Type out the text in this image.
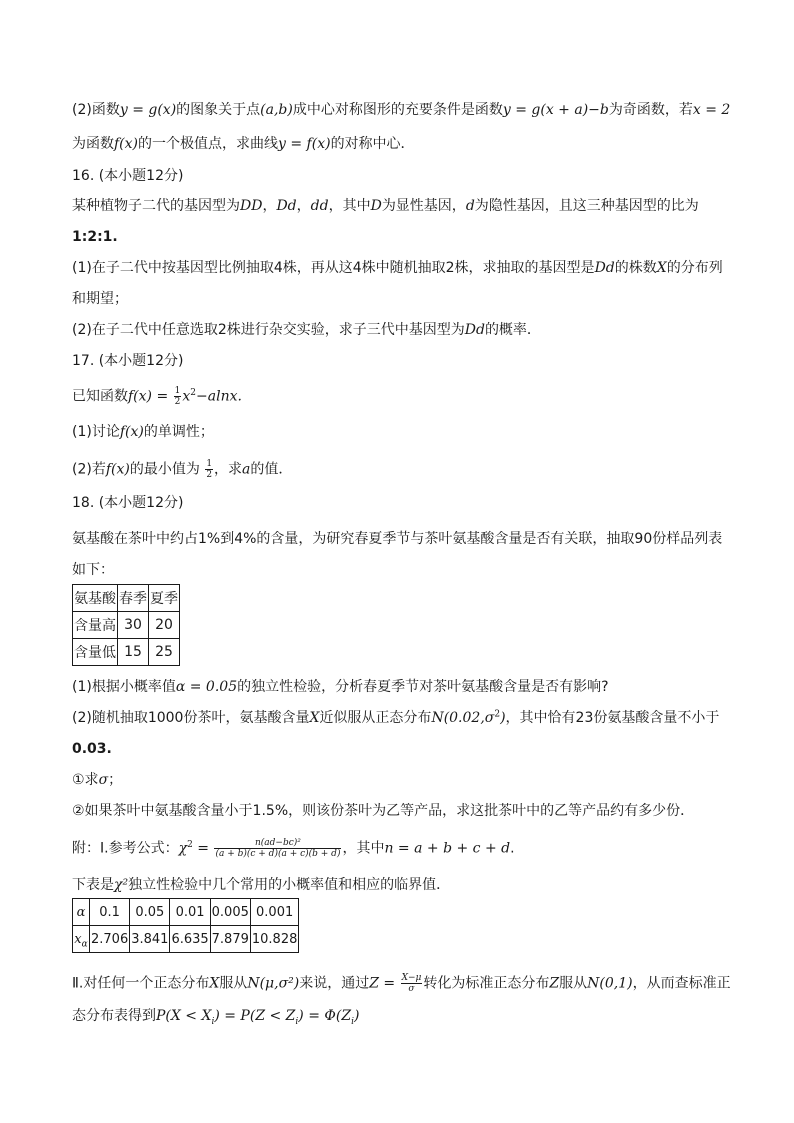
(2)函数y = g(x)的图象关于点(a,b)成中心对称图形的充要条件是函数y = g(x + a)−b为奇函数，若x = 2
为函数f(x)的一个极值点，求曲线y = f(x)的对称中心．
16. (本小题12分)
某种植物子二代的基因型为DD，Dd，dd，其中D为显性基因，d为隐性基因，且这三种基因型的比为
1:2:1.
(1)在子二代中按基因型比例抽取4株，再从这4株中随机抽取2株，求抽取的基因型是Dd的株数X的分布列
和期望；
(2)在子二代中任意选取2株进行杂交实验，求子三代中基因型为Dd的概率．
17. (本小题12分)
已知函数$f(x) = \frac{1}{2} x^2-alnx$.
(1)讨论f(x)的单调性；
(2)若f(x)的最小值为 $\frac{1}{2}$ ，求a的值．
18. (本小题12分)
氨基酸在茶叶中约占1%到4%的含量，为研究春夏季节与茶叶氨基酸含量是否有关联，抽取90份样品列表
如下：
氨基酸	春季	夏季
含量高	30	20
含量低	15	25
(1)根据小概率值α = 0.05的独立性检验，分析春夏季节对茶叶氨基酸含量是否有影响?
(2)随机抽取1000份茶叶，氨基酸含量X近似服从正态分布$N(0.02,\sigma^2)$，其中恰有23份氨基酸含量不小于
0.03.
①求σ；
②如果茶叶中氨基酸含量小于1.5%，则该份茶叶为乙等产品，求这批茶叶中的乙等产品约有多少份．
附：Ⅰ.参考公式：$\chi^2 = \frac{\text{n(ad−bc)²}}{(a + b)(c + d)(a + c)(b + d)}$ ，其中n = a + b + c + d.
下表是χ²独立性检验中几个常用的小概率值和相应的临界值．
α	0.1	0.05	0.01	0.005	0.001
$x_\alpha$	2.706	3.841	6.635	7.879	10.828
Ⅱ.对任何一个正态分布X服从N(μ,σ²)来说，通过$Z = \frac{X-\mu}{\sigma}$ 转化为标准正态分布Z服从N(0,1)，从而查标准正
态分布表得到$P(X < X_i) = P(Z < Z_i) = \Phi(Z_i)$
